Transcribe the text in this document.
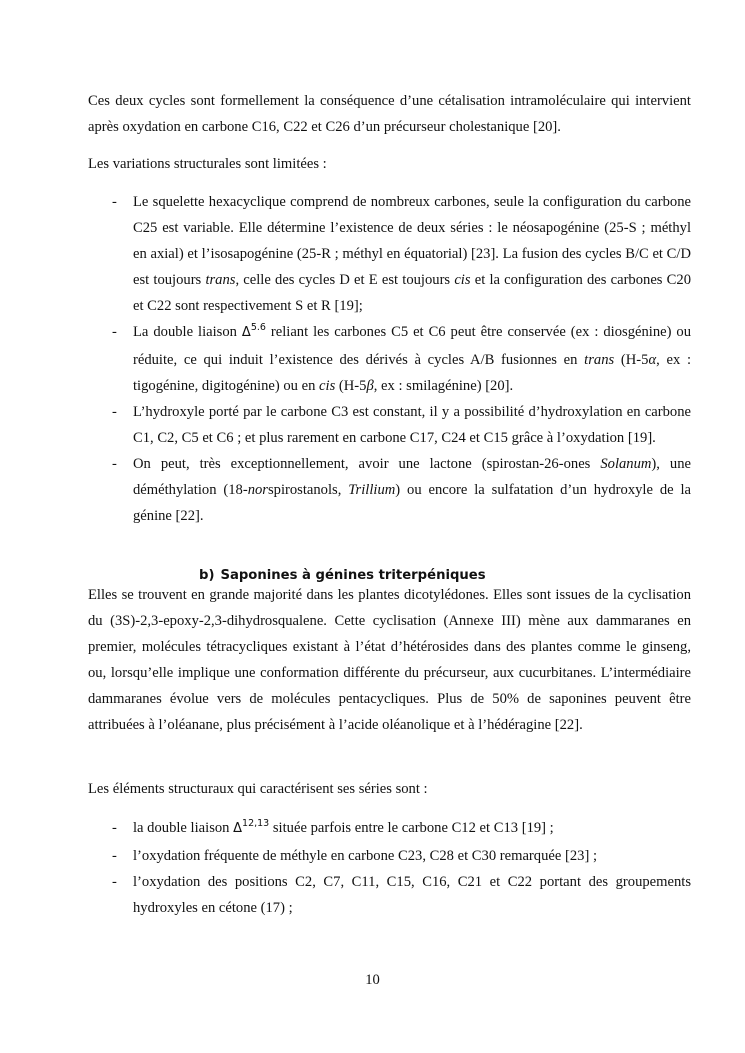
Ces deux cycles sont formellement la conséquence d’une cétalisation intramoléculaire qui intervient après oxydation en carbone C16, C22 et C26 d’un précurseur cholestanique [20].

Les variations structurales sont limitées :

- Le squelette hexacyclique comprend de nombreux carbones, seule la configuration du carbone C25 est variable. Elle détermine l’existence de deux séries : le néosapogénine (25-S ; méthyl en axial) et l’isosapogénine (25-R ; méthyl en équatorial) [23]. La fusion des cycles B/C et C/D est toujours trans, celle des cycles D et E est toujours cis et la configuration des carbones C20 et C22 sont respectivement S et R [19];
- La double liaison $\Delta^{5.6}$ reliant les carbones C5 et C6 peut être conservée (ex : diosgénine) ou réduite, ce qui induit l’existence des dérivés à cycles A/B fusionnes en trans (H-5α, ex : tigogénine, digitogénine) ou en cis (H-5β, ex : smilagénine) [20].
- L’hydroxyle porté par le carbone C3 est constant, il y a possibilité d’hydroxylation en carbone C1, C2, C5 et C6 ; et plus rarement en carbone C17, C24 et C15 grâce à l’oxydation [19].
- On peut, très exceptionnellement, avoir une lactone (spirostan-26-ones Solanum), une déméthylation (18-norspirostanols, Trillium) ou encore la sulfatation d’un hydroxyle de la génine [22].
b) Saponines à génines triterpéniques

Elles se trouvent en grande majorité dans les plantes dicotylédones. Elles sont issues de la cyclisation du (3S)-2,3-epoxy-2,3-dihydrosqualene. Cette cyclisation (Annexe III) mène aux dammaranes en premier, molécules tétracycliques existant à l’état d’hétérosides dans des plantes comme le ginseng, ou, lorsqu’elle implique une conformation différente du précurseur, aux cucurbitanes. L’intermédiaire dammaranes évolue vers de molécules pentacycliques. Plus de 50% de saponines peuvent être attribuées à l’oléanane, plus précisément à l’acide oléanolique et à l’hédéragine [22].

Les éléments structuraux qui caractérisent ses séries sont :

- la double liaison Δ$^{12,13}$ située parfois entre le carbone C12 et C13 [19] ;
- l’oxydation fréquente de méthyle en carbone C23, C28 et C30 remarquée [23] ;
- l’oxydation des positions C2, C7, C11, C15, C16, C21 et C22 portant des groupements hydroxyles en cétone (17) ;
10
